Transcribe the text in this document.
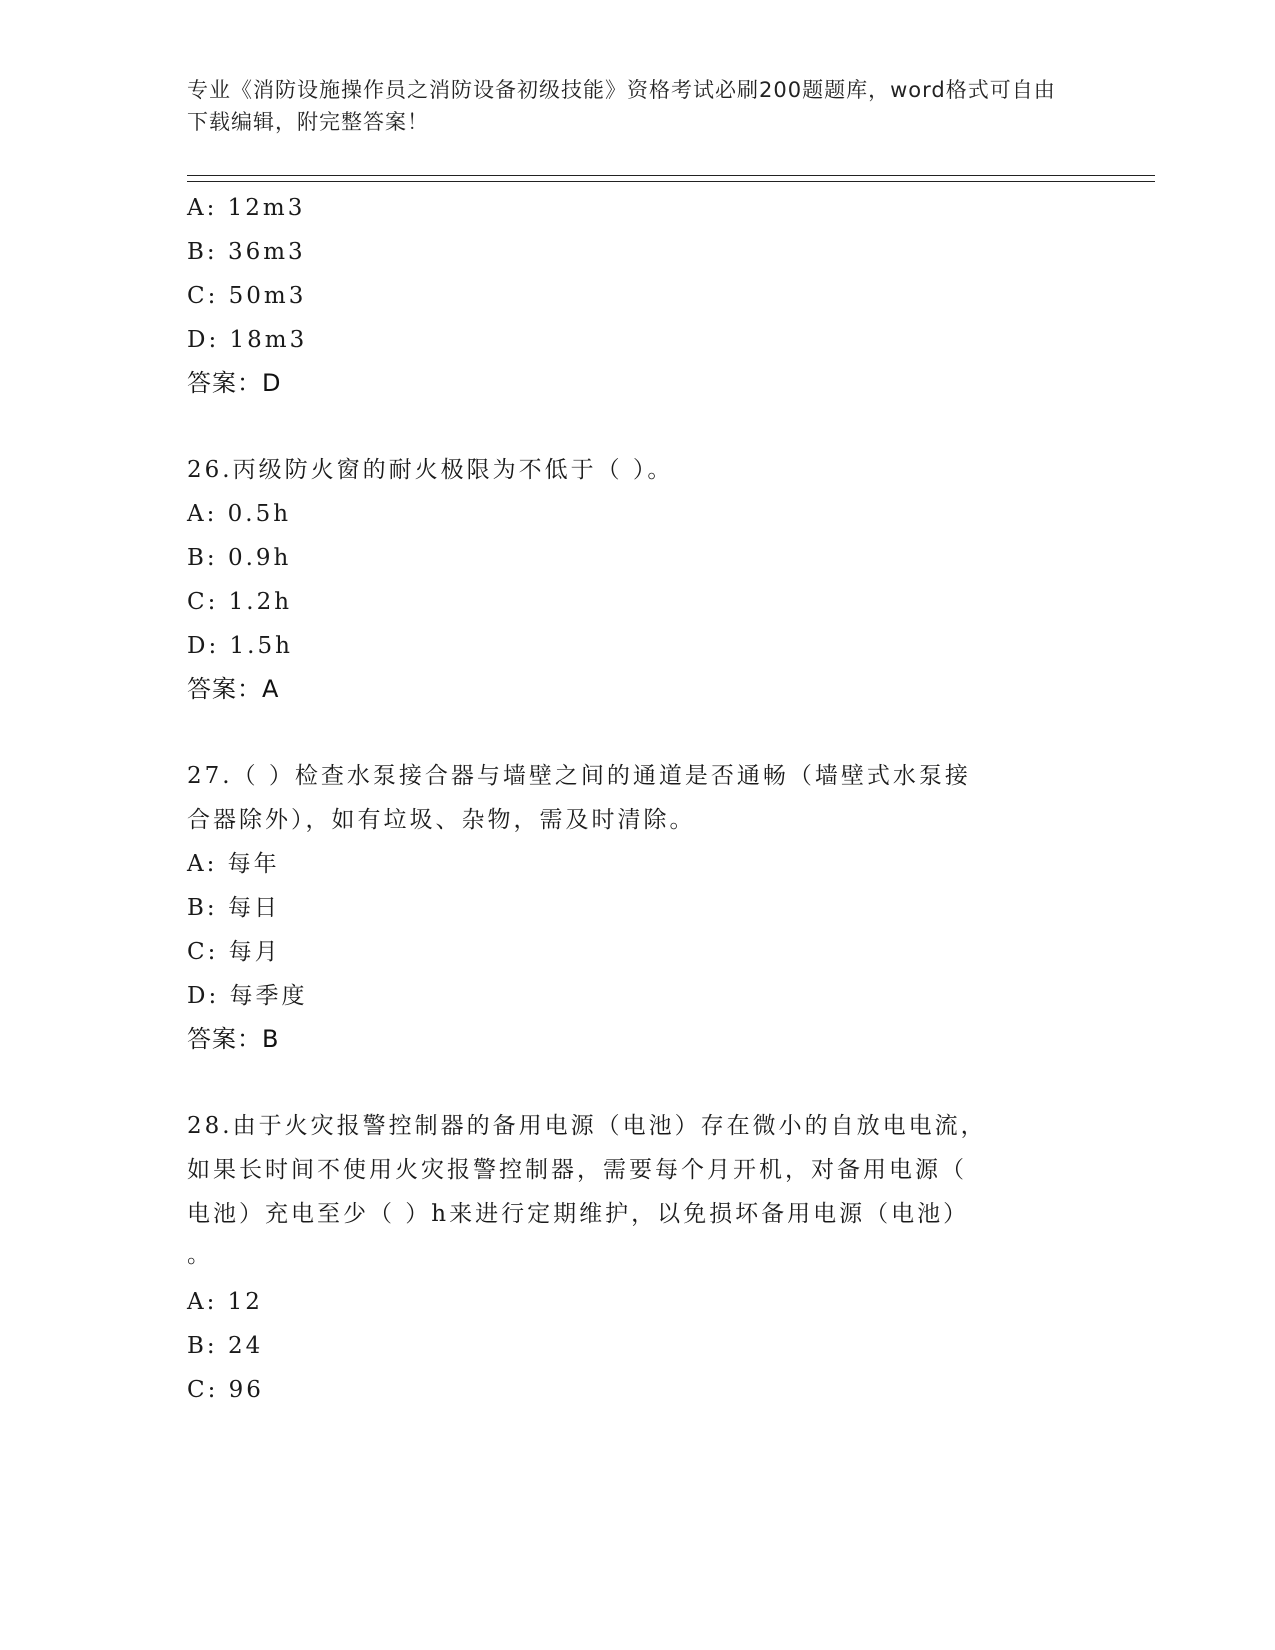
专业《消防设施操作员之消防设备初级技能》资格考试必刷200题题库，word格式可自由下载编辑，附完整答案！
A: 12m3
B: 36m3
C: 50m3
D: 18m3
答案：D
26.丙级防火窗的耐火极限为不低于（ ）。
A: 0.5h
B: 0.9h
C: 1.2h
D: 1.5h
答案：A
27.（ ）检查水泵接合器与墙壁之间的通道是否通畅（墙壁式水泵接
合器除外），如有垃圾、杂物，需及时清除。
A: 每年
B: 每日
C: 每月
D: 每季度
答案：B
28.由于火灾报警控制器的备用电源（电池）存在微小的自放电电流，
如果长时间不使用火灾报警控制器，需要每个月开机，对备用电源（
电池）充电至少（ ）h来进行定期维护，以免损坏备用电源（电池）
。
A: 12
B: 24
C: 96
